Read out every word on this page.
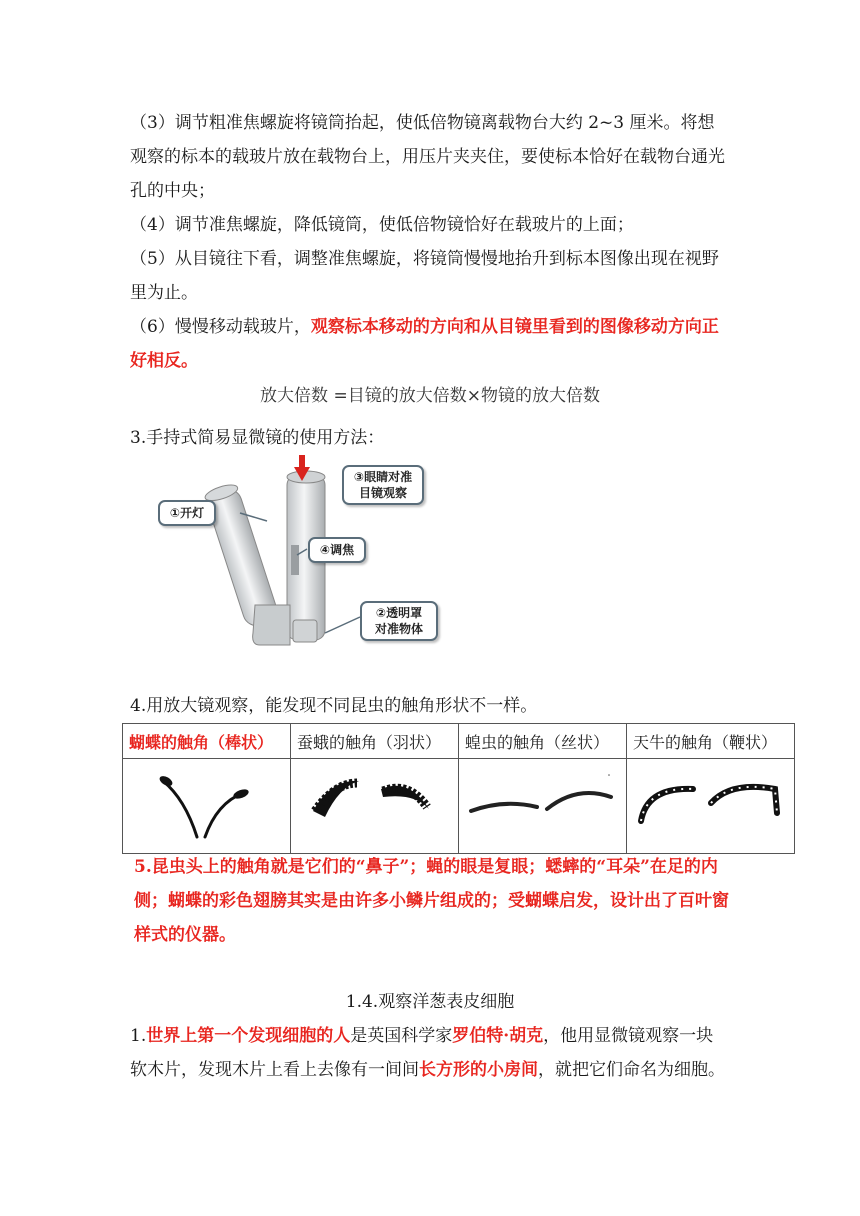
（3）调节粗准焦螺旋将镜筒抬起，使低倍物镜离载物台大约 2~3 厘米。将想观察的标本的载玻片放在载物台上，用压片夹夹住，要使标本恰好在载物台通光孔的中央；

（4）调节准焦螺旋，降低镜筒，使低倍物镜恰好在载玻片的上面；

（5）从目镜往下看，调整准焦螺旋，将镜筒慢慢地抬升到标本图像出现在视野里为止。

（6）慢慢移动载玻片，观察标本移动的方向和从目镜里看到的图像移动方向正好相反。

放大倍数 =目镜的放大倍数×物镜的放大倍数

3.手持式简易显微镜的使用方法：

①开灯
③眼睛对准
目镜观察
④调焦
②透明罩
对准物体

4.用放大镜观察，能发现不同昆虫的触角形状不一样。

蝴蝶的触角（棒状）	蚕蛾的触角（羽状）	蝗虫的触角（丝状）	天牛的触角（鞭状）

5.昆虫头上的触角就是它们的“鼻子”；蝇的眼是复眼；蟋蟀的“耳朵”在足的内侧；蝴蝶的彩色翅膀其实是由许多小鳞片组成的；受蝴蝶启发，设计出了百叶窗样式的仪器。

1.4.观察洋葱表皮细胞

1.世界上第一个发现细胞的人是英国科学家罗伯特·胡克，他用显微镜观察一块软木片，发现木片上看上去像有一间间长方形的小房间，就把它们命名为细胞。
